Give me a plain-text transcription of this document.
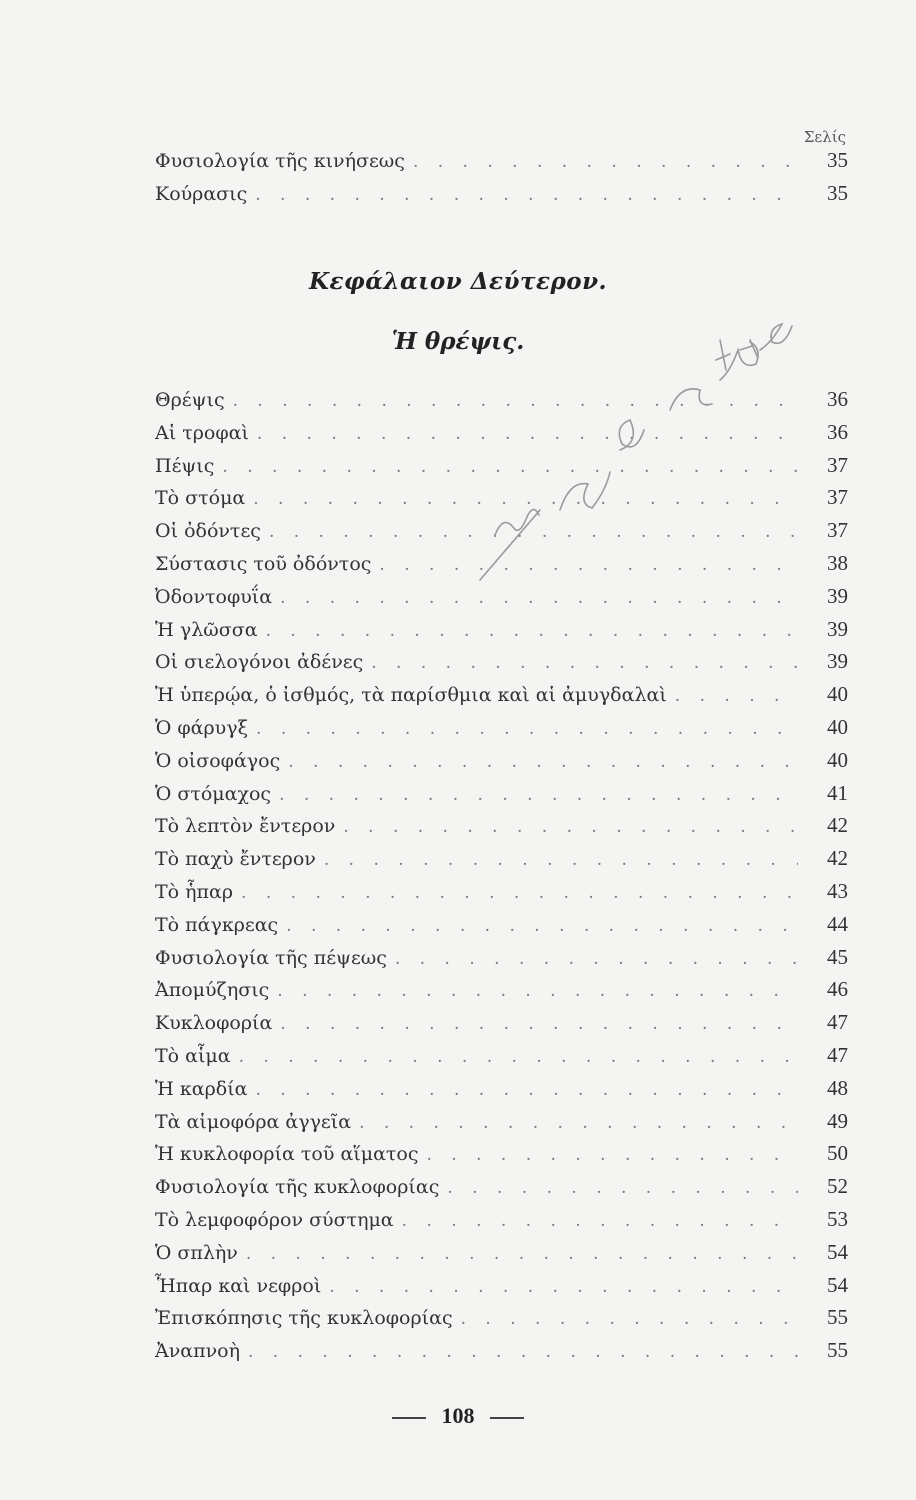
Σελίς
Φυσιολογία τῆς κινήσεως . . .	35
Κούρασις . . .	35
Κεφάλαιον Δεύτερον.
Ἡ θρέψις.
Θρέψις . . .	36
Αἱ τροφαὶ . . .	36
Πέψις . . .	37
Τὸ στόμα . . .	37
Οἱ ὀδόντες . . .	37
Σύστασις τοῦ ὀδόντος . . .	38
Ὀδοντοφυΐα . . .	39
Ἡ γλῶσσα . . .	39
Οἱ σιελογόνοι ἀδένες . . .	39
Ἡ ὑπερῴα, ὁ ἰσθμός, τὰ παρίσθμια καὶ αἱ ἀμυγδαλαὶ . . .	40
Ὁ φάρυγξ . . .	40
Ὁ οἰσοφάγος . . .	40
Ὁ στόμαχος . . .	41
Τὸ λεπτὸν ἔντερον . . .	42
Τὸ παχὺ ἔντερον . . .	42
Τὸ ἧπαρ . . .	43
Τὸ πάγκρεας . . .	44
Φυσιολογία τῆς πέψεως . . .	45
Ἀπομύζησις . . .	46
Κυκλοφορία . . .	47
Τὸ αἷμα . . .	47
Ἡ καρδία . . .	48
Τὰ αἱμοφόρα ἀγγεῖα . . .	49
Ἡ κυκλοφορία τοῦ αἵματος . . .	50
Φυσιολογία τῆς κυκλοφορίας . . .	52
Τὸ λεμφοφόρον σύστημα . . .	53
Ὁ σπλὴν . . .	54
Ἧπαρ καὶ νεφροὶ . . .	54
Ἐπισκόπησις τῆς κυκλοφορίας . . .	55
Ἀναπνοὴ . . .	55
108
